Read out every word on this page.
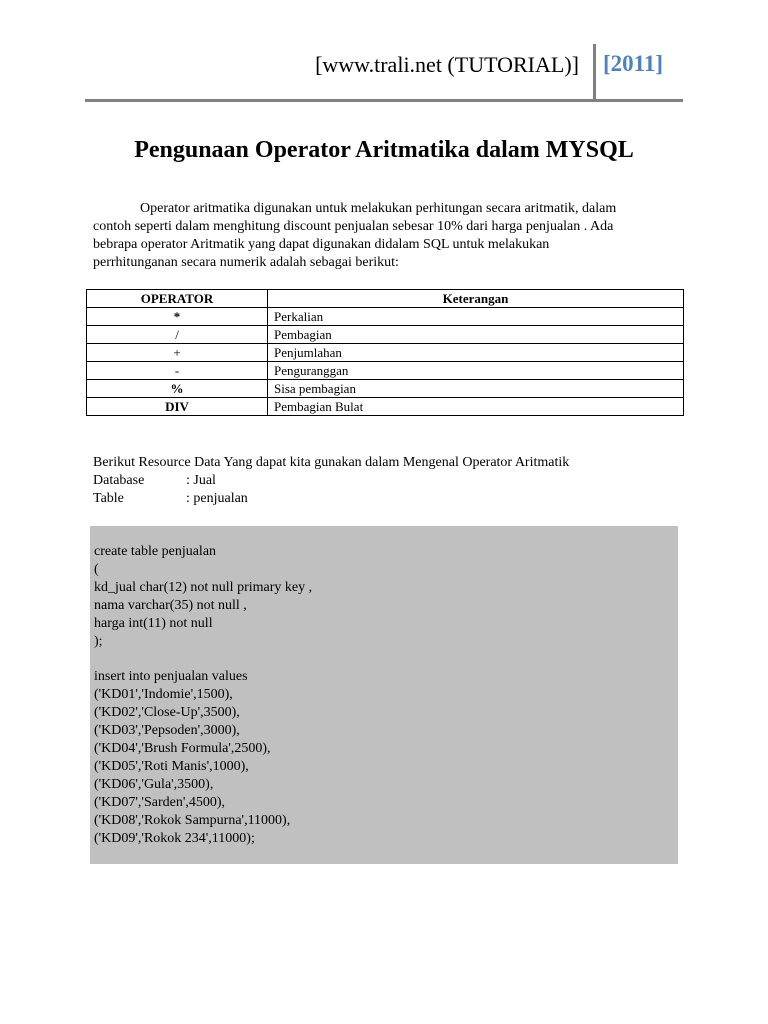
[www.trali.net (TUTORIAL)] [2011]
Pengunaan Operator Aritmatika dalam MYSQL
Operator aritmatika digunakan untuk melakukan perhitungan secara aritmatik, dalam
contoh seperti dalam menghitung discount penjualan sebesar 10% dari harga penjualan . Ada
bebrapa operator Aritmatik yang dapat digunakan didalam SQL untuk melakukan
perrhitunganan secara numerik adalah sebagai berikut:
OPERATOR	Keterangan
*	Perkalian
/	Pembagian
+	Penjumlahan
-	Penguranggan
%	Sisa pembagian
DIV	Pembagian Bulat
Berikut Resource Data Yang dapat kita gunakan dalam Mengenal Operator Aritmatik
Database	: Jual
Table	: penjualan
create table penjualan
(
kd_jual char(12) not null primary key ,
nama varchar(35) not null ,
harga int(11) not null
);
insert into penjualan values
('KD01','Indomie',1500),
('KD02','Close-Up',3500),
('KD03','Pepsoden',3000),
('KD04','Brush Formula',2500),
('KD05','Roti Manis',1000),
('KD06','Gula',3500),
('KD07','Sarden',4500),
('KD08','Rokok Sampurna',11000),
('KD09','Rokok 234',11000);
